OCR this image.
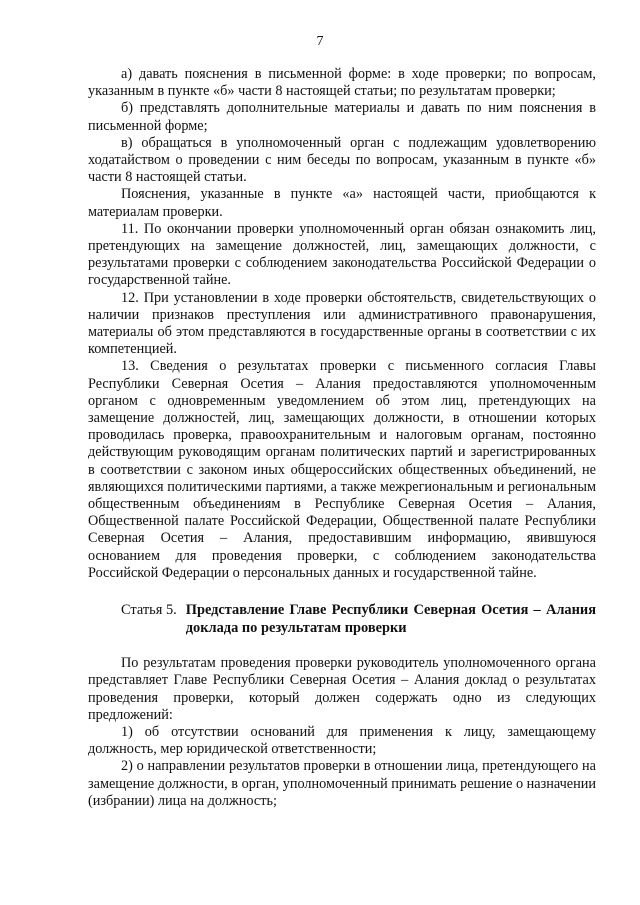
7

а) давать пояснения в письменной форме: в ходе проверки; по вопросам, указанным в пункте «б» части 8 настоящей статьи; по результатам проверки;

б) представлять дополнительные материалы и давать по ним пояснения в письменной форме;

в) обращаться в уполномоченный орган с подлежащим удовлетворению ходатайством о проведении с ним беседы по вопросам, указанным в пункте «б» части 8 настоящей статьи.

Пояснения, указанные в пункте «а» настоящей части, приобщаются к материалам проверки.

11. По окончании проверки уполномоченный орган обязан ознакомить лиц, претендующих на замещение должностей, лиц, замещающих должности, с результатами проверки с соблюдением законодательства Российской Федерации о государственной тайне.

12. При установлении в ходе проверки обстоятельств, свидетельствующих о наличии признаков преступления или административного правонарушения, материалы об этом представляются в государственные органы в соответствии с их компетенцией.

13. Сведения о результатах проверки с письменного согласия Главы Республики Северная Осетия – Алания предоставляются уполномоченным органом с одновременным уведомлением об этом лиц, претендующих на замещение должностей, лиц, замещающих должности, в отношении которых проводилась проверка, правоохранительным и налоговым органам, постоянно действующим руководящим органам политических партий и зарегистрированных в соответствии с законом иных общероссийских общественных объединений, не являющихся политическими партиями, а также межрегиональным и региональным общественным объединениям в Республике Северная Осетия – Алания, Общественной палате Российской Федерации, Общественной палате Республики Северная Осетия – Алания, предоставившим информацию, явившуюся основанием для проведения проверки, с соблюдением законодательства Российской Федерации о персональных данных и государственной тайне.

Статья 5. Представление Главе Республики Северная Осетия – Алания доклада по результатам проверки

По результатам проведения проверки руководитель уполномоченного органа представляет Главе Республики Северная Осетия – Алания доклад о результатах проведения проверки, который должен содержать одно из следующих предложений:

1) об отсутствии оснований для применения к лицу, замещающему должность, мер юридической ответственности;

2) о направлении результатов проверки в отношении лица, претендующего на замещение должности, в орган, уполномоченный принимать решение о назначении (избрании) лица на должность;
